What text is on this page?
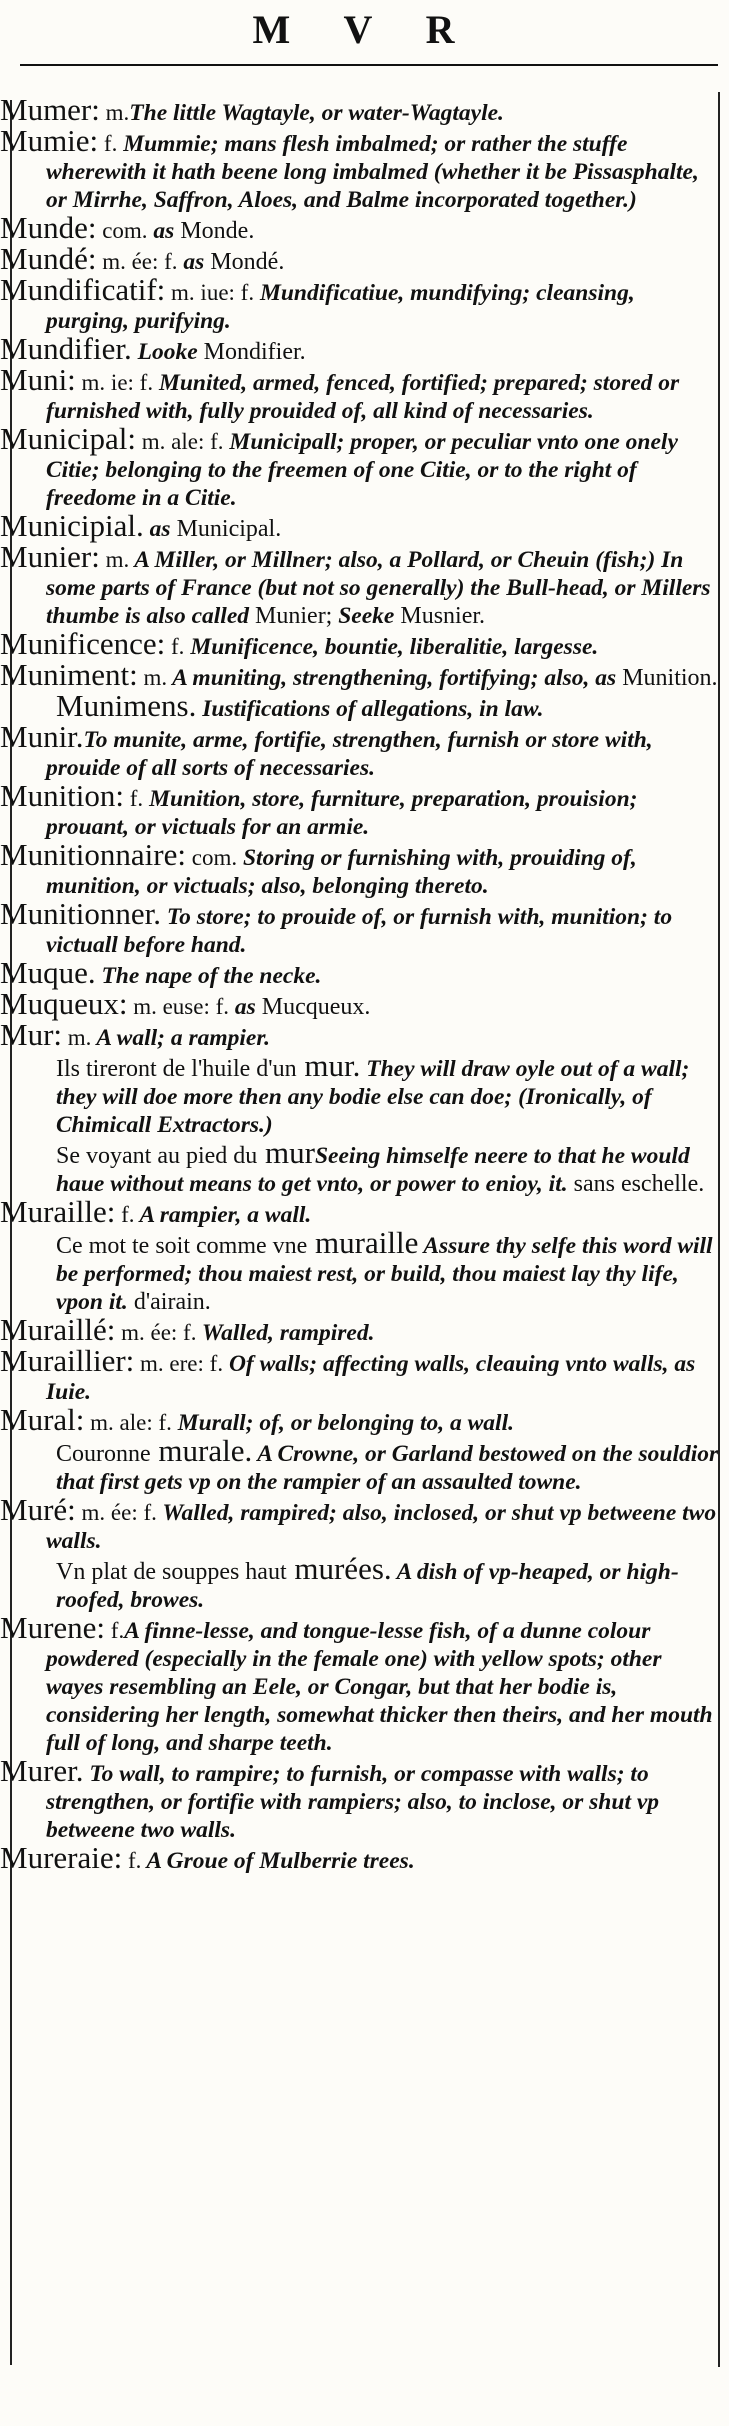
M V R
Mumer: m.The little Wagtayle, or water-Wagtayle.
Mumie: f. Mummie; mans flesh imbalmed; or rather the stuffe wherewith it hath beene long imbalmed (whether it be Pissasphalte, or Mirrhe, Saffron, Aloes, and Balme incorporated together.)
Munde: com. as Monde.
Mundé: m. ée: f. as Mondé.
Mundificatif: m. iue: f. Mundificatiue, mundifying; cleansing, purging, purifying.
Mundifier. Looke Mondifier.
Muni: m. ie: f. Munited, armed, fenced, fortified; prepared; stored or furnished with, fully prouided of, all kind of necessaries.
Municipal: m. ale: f. Municipall; proper, or peculiar vnto one onely Citie; belonging to the freemen of one Citie, or to the right of freedome in a Citie.
Municipial. as Municipal.
Munier: m. A Miller, or Millner; also, a Pollard, or Cheuin (fish;) In some parts of France (but not so generally) the Bull-head, or Millers thumbe is also called Munier; Seeke Musnier.
Munificence: f. Munificence, bountie, liberalitie, largesse.
Muniment: m. A muniting, strengthening, fortifying; also, as Munition.
Munimens. Iustifications of allegations, in law.
Munir.To munite, arme, fortifie, strengthen, furnish or store with, prouide of all sorts of necessaries.
Munition: f. Munition, store, furniture, preparation, prouision; prouant, or victuals for an armie.
Munitionnaire: com. Storing or furnishing with, prouiding of, munition, or victuals; also, belonging thereto.
Munitionner. To store; to prouide of, or furnish with, munition; to victuall before hand.
Muque. The nape of the necke.
Muqueux: m. euse: f. as Mucqueux.
Mur: m. A wall; a rampier.
Ils tireront de l'huile d'un mur. They will draw oyle out of a wall; they will doe more then any bodie else can doe; (Ironically, of Chimicall Extractors.)
Se voyant au pied du murSeeing himselfe neere to that he would haue without means to get vnto, or power to enioy, it. sans eschelle.
Muraille: f. A rampier, a wall.
Ce mot te soit comme vne muraille Assure thy selfe this word will be performed; thou maiest rest, or build, thou maiest lay thy life, vpon it. d'airain.
Muraillé: m. ée: f. Walled, rampired.
Muraillier: m. ere: f. Of walls; affecting walls, cleauing vnto walls, as Iuie.
Mural: m. ale: f. Murall; of, or belonging to, a wall.
Couronne murale. A Crowne, or Garland bestowed on the souldior that first gets vp on the rampier of an assaulted towne.
Muré: m. ée: f. Walled, rampired; also, inclosed, or shut vp betweene two walls.
Vn plat de souppes haut murées. A dish of vp-heaped, or high-roofed, browes.
Murene: f.A finne-lesse, and tongue-lesse fish, of a dunne colour powdered (especially in the female one) with yellow spots; other wayes resembling an Eele, or Congar, but that her bodie is, considering her length, somewhat thicker then theirs, and her mouth full of long, and sharpe teeth.
Murer. To wall, to rampire; to furnish, or compasse with walls; to strengthen, or fortifie with rampiers; also, to inclose, or shut vp betweene two walls.
Mureraie: f. A Groue of Mulberrie trees.
